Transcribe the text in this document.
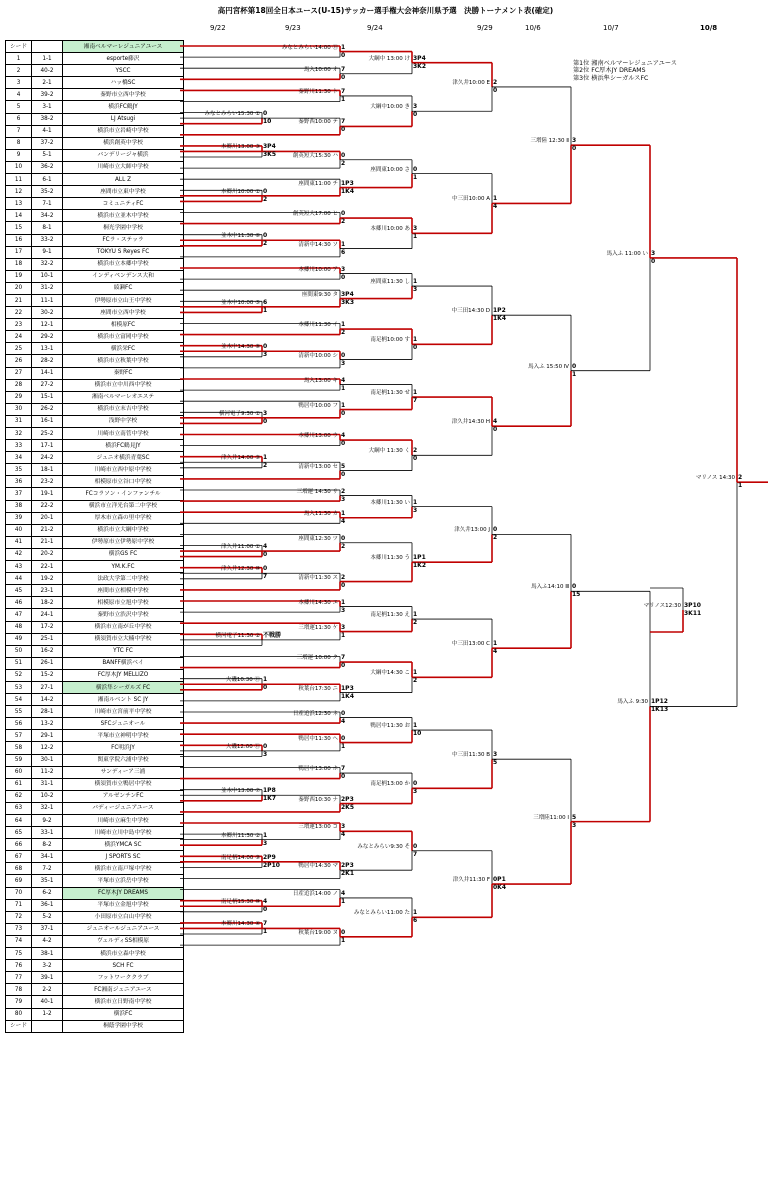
高円宮杯第18回全日本ユース(U-15)サッカー選手権大会神奈川県予選　決勝トーナメント表(確定)
9/22	9/23	9/24	9/29	10/6	10/7	10/8
第1位 湘南ベルマーレジュニアユース
第2位 FC厚木JY DREAMS
第3位 横浜隼シーガルスFC
シード		湘南ベルマーレジュニアユース
1	1-1	esporte藤沢
2	40-2	YSCC
3	2-1	ハッ橋SC
4	39-2	秦野市立西中学校
5	3-1	横浜FC鶴JY
6	38-2	LJ Atsugi
7	4-1	横浜市立岩崎中学校
8	37-2	横浜創英中学校
9	5-1	バンデリージャ横浜
10	36-2	川崎市立大師中学校
11	6-1	ALL Z
12	35-2	座間市立東中学校
13	7-1	コミュニティFC
14	34-2	横浜市立並木中学校
15	8-1	桐光学園中学校
16	33-2	FCラ・ステッラ
17	9-1	TOKYU S Reyes FC
18	32-2	横浜市立本郷中学校
19	10-1	インディペンデンス大和
20	31-2	綾瀬FC
21	11-1	伊勢原市立山王中学校
22	30-2	座間市立西中学校
23	12-1	相模原FC
24	29-2	横浜市立富岡中学校
25	13-1	横浜栄FC
26	28-2	横浜市立秋葉中学校
27	14-1	秦野FC
28	27-2	横浜市立中川西中学校
29	15-1	湘南ベルマーレオエステ
30	26-2	横浜市立末吉中学校
31	16-1	浅野中学校
32	25-2	川崎市立南菅中学校
33	17-1	横浜FC鶴見JY
34	24-2	ジュニオ横浜青葉SC
35	18-1	川崎市立西中原中学校
36	23-2	相模原市立谷口中学校
37	19-1	FCコラソン・インファンチル
38	22-2	横浜市立洋光台第二中学校
39	20-1	厚木市立森の里中学校
40	21-2	横浜市立大綱中学校
41	21-1	伊勢原市立伊勢原中学校
42	20-2	横浜GS FC
43	22-1	YM.K.FC
44	19-2	法政大学第二中学校
45	23-1	座間市立相模中学校
46	18-2	相模原市立旭中学校
47	24-1	秦野市立渋沢中学校
48	17-2	横浜市立南が丘中学校
49	25-1	横須賀市立大楠中学校
50	16-2	YTC FC
51	26-1	BANFF横浜ベイ
52	15-2	FC厚木JY MELLIZO
53	27-1	横浜隼シーガルズ FC
54	14-2	湘南ルベント SC JY
55	28-1	川崎市立宮前平中学校
56	13-2	SFCジュニオール
57	29-1	平塚市立神明中学校
58	12-2	FC明浜JY
59	30-1	関東学院六浦中学校
60	11-2	サンディーア三浦
61	31-1	横須賀市立鴨居中学校
62	10-2	アルゼンチンFC
63	32-1	バディージュニアユース
64	9-2	川崎市立麻生中学校
65	33-1	川崎市立川中島中学校
66	8-2	横浜YMCA SC
67	34-1	J SPORTS SC
68	7-2	横浜市立南戸塚中学校
69	35-1	平塚市立浜岳中学校
70	6-2	FC厚木JY DREAMS
71	36-1	平塚市立金旭中学校
72	5-2	小田原市立白山中学校
73	37-1	ジュニオールジュニアユース
74	4-2	ヴェルディSS相模原
75	38-1	横浜市立森中学校
76	3-2	SCH FC
77	39-1	フットワーククラブ
78	2-2	FC湘南ジュニアユース
79	40-1	横浜市立日野南中学校
80	1-2	横浜FC
シード		桐蔭学園中学校
みなとみらい15:30 ① 0
10
本郷川13:00 ③ 3P4
3K5
本郷川10:00 ① 0
2
並木中11:30 ⑥ 0
2
並木中10:00 ⑤ 6
1
並木中14:30 ⑧ 0
3
横河電子9:30 ① 3
0
津久井14:00 ⑨ 1
2
津久井11:00 ① 4
0
津久井12:30 ⑩ 0
7
横河電子11:30 ② 不戦勝
大磯10:30 ⑪ 1
0
大磯12:00 ⑪ 0
3
並木中13:00 ⑦ 1P8
1K7
本郷川11:30 ② 1
3
南足柄14:00 ⑨ 2P9
2P10
南足柄15:30 ⑩ 4
0
本郷川14:30 ④ 7
1
みなとみらい14:00 ⑪ 1
0
馬入10:00 オ 7
0
秦野川11:30 ト 7
1
秦野西10:00 テ 7
0
創英短大15:30 ハ 0
2
座間東11:00 チ 1P3
1K4
創英短大17:00 ヒ 0
2
清新中14:30 ソ 1
6
本郷川10:00 ア 3
0
座間東9:30 タ 3P4
3K3
本郷川11:30 イ 1
2
清新中10:00 シ 0
3
馬入13:00 キ 4
1
鴨居中10:00 フ 1
0
本郷川13:00 ウ 4
0
清新中13:00 セ 5
0
三増運 14:30 サ 2
3
馬入11:30 カ 1
4
座間東12:30 ツ 0
2
清新中11:30 ス 2
0
本郷川14:30 エ 1
3
三増運11:30 ケ 3
1
三増運 10:00 ク 7
0
秋葉台17:30 ニ 1P3
1K4
日産追浜12:30 ネ 0
4
鴨居中11:30 ヘ 0
1
鴨居中13:00 ホ 7
0
秦野西10:30 ナ 2P3
2K5
三増運13:00 コ 3
4
鴨居中14:30 マ 2P3
2K1
日産追浜14:00 ノ 4
1
秋葉台19:00 ヌ 0
1
大綱中 13:00 け 3P4
3K2
大綱中10:00 き 3
0
座間東10:00 さ 0
1
本郷川10:00 あ 3
1
座間東11:30 し 1
3
南足柄10:00 す 1
0
南足柄11:30 せ 1
7
大綱中 11:30 く 2
0
本郷川11:30 い 1
3
本郷川11:30 う 1P1
1K2
南足柄11:30 え 1
2
大綱中14:30 こ 1
2
鴨居中11:30 お 1
10
南足柄13:00 か 0
3
みなとみらい9:30 そ 0
7
みなとみらい11:00 た 1
6
津久井10:00 E 2
0
中三田10:00 A 1
4
中三田14:30 D 1P2
1K4
津久井14:30 H 4
0
津久井13:00 J 0
2
中三田13:00 C 1
4
中三田11:30 B 3
5
津久井11:30 F 0P1
0K4
三増陸 12:30 Ⅱ 3
0
馬入ふ 15:50 Ⅳ 0
1
馬入ふ14:10 Ⅲ 0
15
三増陸11:00 Ⅰ 5
3
馬入ふ 11:00 い 3
0
馬入ふ 9:30 1P12
1K13
マリノス12:30 3P10
3K11
マリノス 14:30 2
1
